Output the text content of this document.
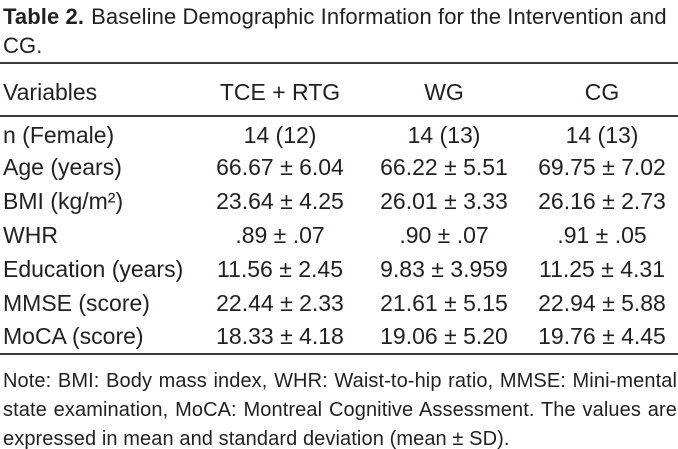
Table 2. Baseline Demographic Information for the Intervention and CG.
Variables	TCE + RTG	WG	CG
n (Female)	14 (12)	14 (13)	14 (13)
Age (years)	66.67 ± 6.04	66.22 ± 5.51	69.75 ± 7.02
BMI (kg/m²)	23.64 ± 4.25	26.01 ± 3.33	26.16 ± 2.73
WHR	.89 ± .07	.90 ± .07	.91 ± .05
Education (years)	11.56 ± 2.45	9.83 ± 3.959	11.25 ± 4.31
MMSE (score)	22.44 ± 2.33	21.61 ± 5.15	22.94 ± 5.88
MoCA (score)	18.33 ± 4.18	19.06 ± 5.20	19.76 ± 4.45
Note: BMI: Body mass index, WHR: Waist-to-hip ratio, MMSE: Mini-mental state examination, MoCA: Montreal Cognitive Assessment. The values are expressed in mean and standard deviation (mean ± SD).
